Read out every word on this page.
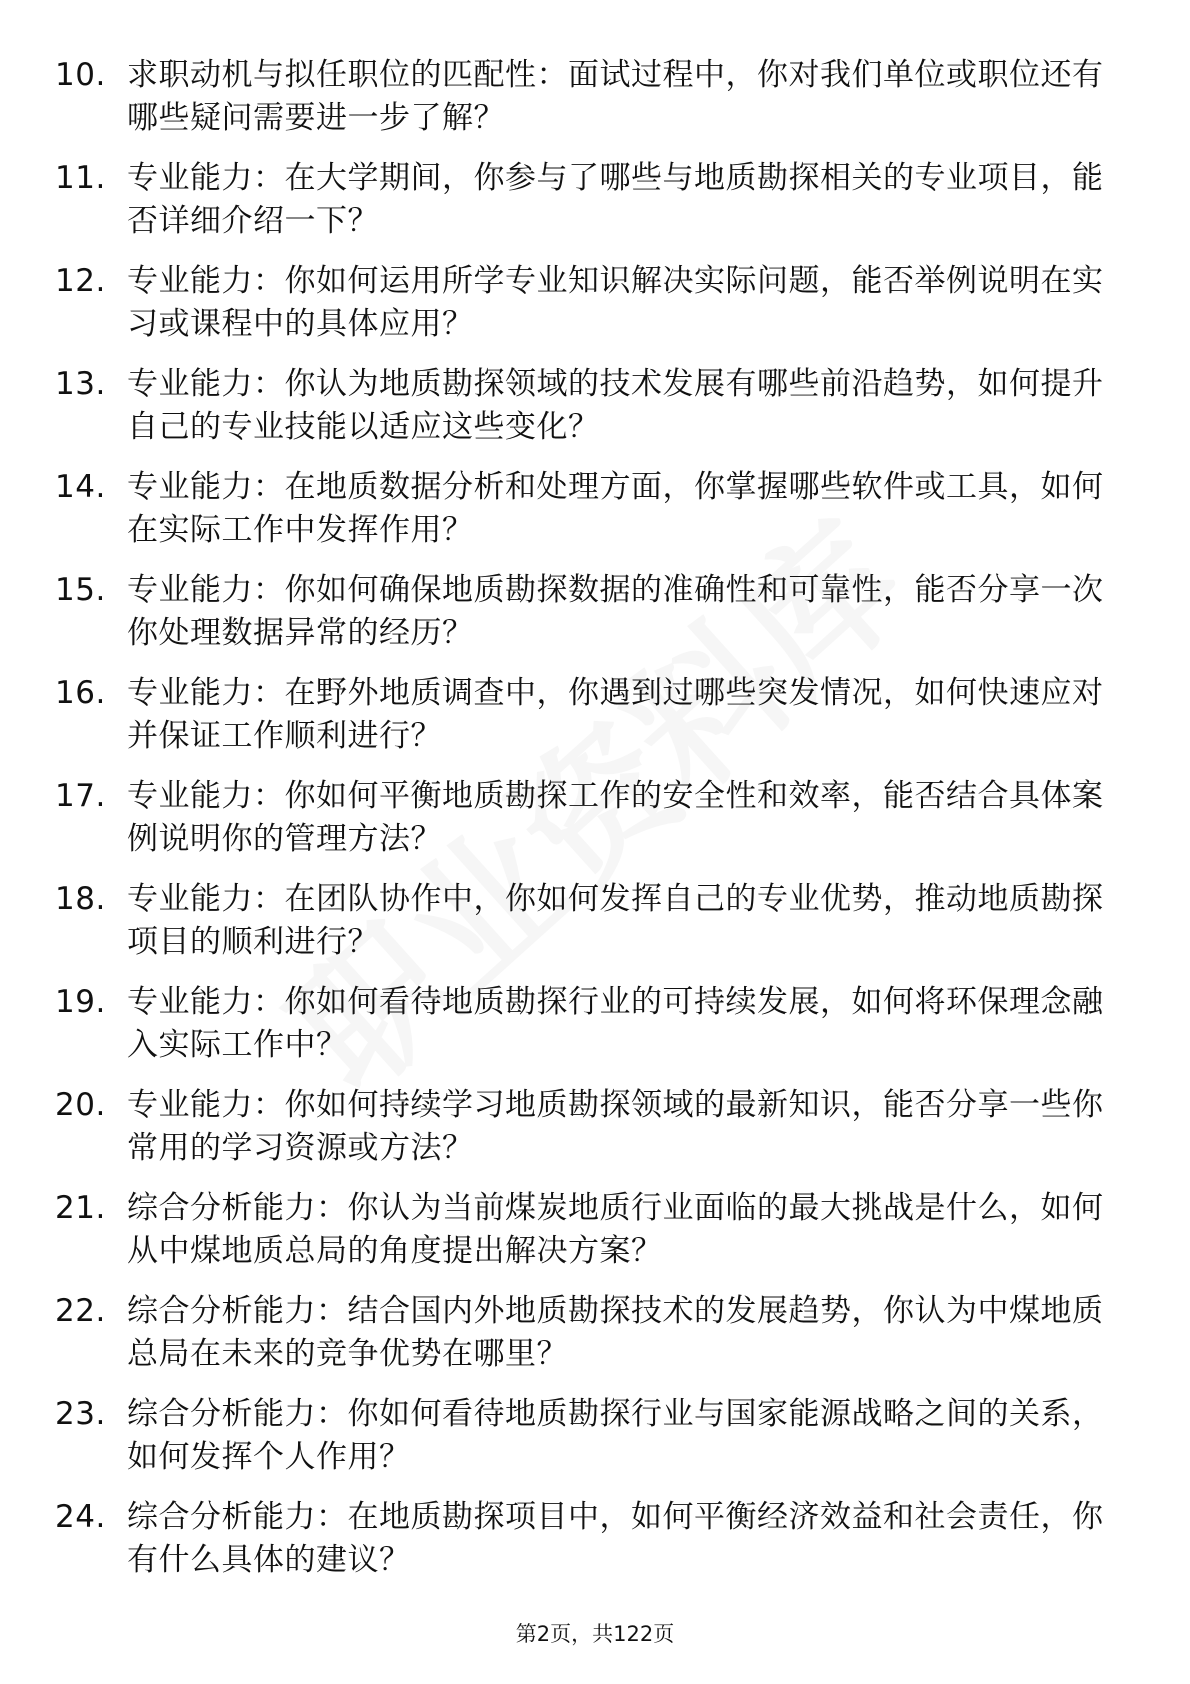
10. 求职动机与拟任职位的匹配性：面试过程中，你对我们单位或职位还有哪些疑问需要进一步了解？
11. 专业能力：在大学期间，你参与了哪些与地质勘探相关的专业项目，能否详细介绍一下？
12. 专业能力：你如何运用所学专业知识解决实际问题，能否举例说明在实习或课程中的具体应用？
13. 专业能力：你认为地质勘探领域的技术发展有哪些前沿趋势，如何提升自己的专业技能以适应这些变化？
14. 专业能力：在地质数据分析和处理方面，你掌握哪些软件或工具，如何在实际工作中发挥作用？
15. 专业能力：你如何确保地质勘探数据的准确性和可靠性，能否分享一次你处理数据异常的经历？
16. 专业能力：在野外地质调查中，你遇到过哪些突发情况，如何快速应对并保证工作顺利进行？
17. 专业能力：你如何平衡地质勘探工作的安全性和效率，能否结合具体案例说明你的管理方法？
18. 专业能力：在团队协作中，你如何发挥自己的专业优势，推动地质勘探项目的顺利进行？
19. 专业能力：你如何看待地质勘探行业的可持续发展，如何将环保理念融入实际工作中？
20. 专业能力：你如何持续学习地质勘探领域的最新知识，能否分享一些你常用的学习资源或方法？
21. 综合分析能力：你认为当前煤炭地质行业面临的最大挑战是什么，如何从中煤地质总局的角度提出解决方案？
22. 综合分析能力：结合国内外地质勘探技术的发展趋势，你认为中煤地质总局在未来的竞争优势在哪里？
23. 综合分析能力：你如何看待地质勘探行业与国家能源战略之间的关系，如何发挥个人作用？
24. 综合分析能力：在地质勘探项目中，如何平衡经济效益和社会责任，你有什么具体的建议？
第2页，共122页
